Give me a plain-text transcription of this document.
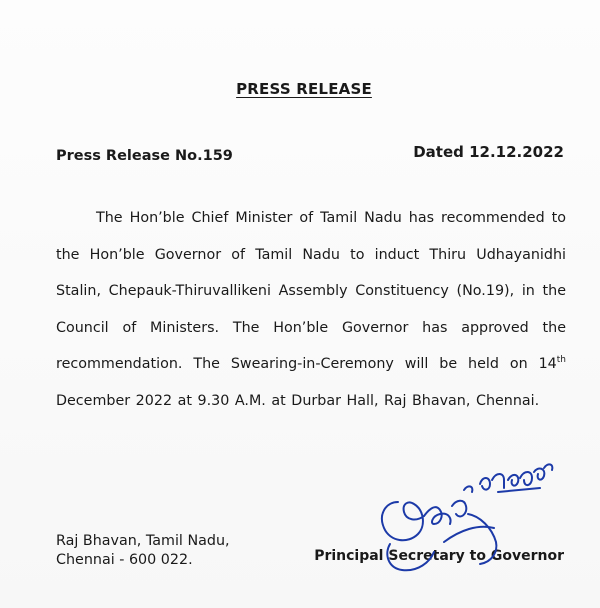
PRESS RELEASE
Press Release No.159	Dated 12.12.2022
The Hon’ble Chief Minister of Tamil Nadu has recommended to the Hon’ble Governor of Tamil Nadu to induct Thiru Udhayanidhi Stalin, Chepauk-Thiruvallikeni Assembly Constituency (No.19), in the Council of Ministers. The Hon’ble Governor has approved the recommendation. The Swearing-in-Ceremony will be held on 14th December 2022 at 9.30 A.M. at Durbar Hall, Raj Bhavan, Chennai.
Raj Bhavan, Tamil Nadu,
Chennai - 600 022.	Principal Secretary to Governor
